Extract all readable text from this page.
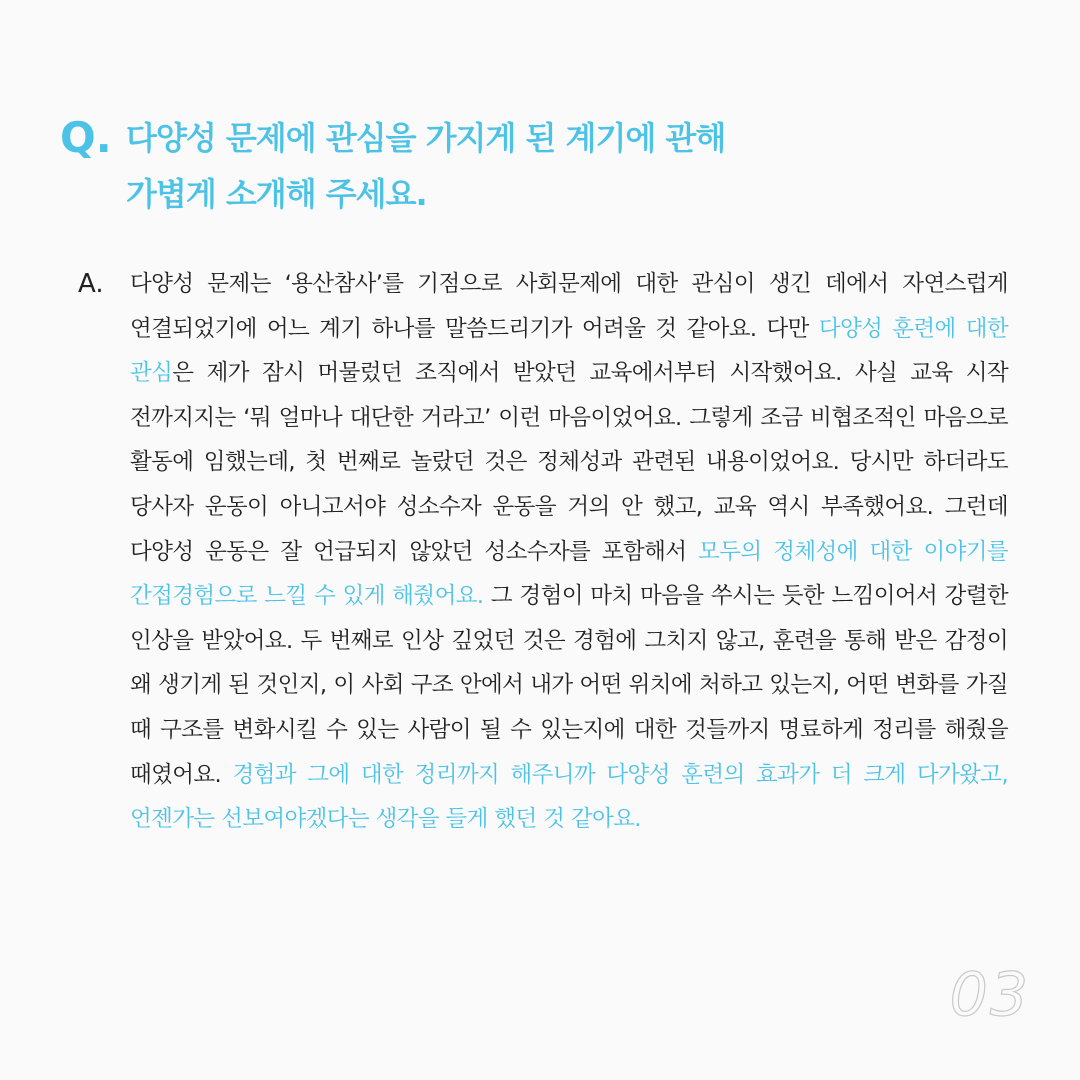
Q. 다양성 문제에 관심을 가지게 된 계기에 관해
가볍게 소개해 주세요.
A. 다양성 문제는 ‘용산참사’를 기점으로 사회문제에 대한 관심이 생긴 데에서 자연스럽게 연결되었기에 어느 계기 하나를 말씀드리기가 어려울 것 같아요. 다만 다양성 훈련에 대한 관심은 제가 잠시 머물렀던 조직에서 받았던 교육에서부터 시작했어요. 사실 교육 시작 전까지지는 ‘뭐 얼마나 대단한 거라고’ 이런 마음이었어요. 그렇게 조금 비협조적인 마음으로 활동에 임했는데, 첫 번째로 놀랐던 것은 정체성과 관련된 내용이었어요. 당시만 하더라도 당사자 운동이 아니고서야 성소수자 운동을 거의 안 했고, 교육 역시 부족했어요. 그런데 다양성 운동은 잘 언급되지 않았던 성소수자를 포함해서 모두의 정체성에 대한 이야기를 간접경험으로 느낄 수 있게 해줬어요. 그 경험이 마치 마음을 쑤시는 듯한 느낌이어서 강렬한 인상을 받았어요. 두 번째로 인상 깊었던 것은 경험에 그치지 않고, 훈련을 통해 받은 감정이 왜 생기게 된 것인지, 이 사회 구조 안에서 내가 어떤 위치에 처하고 있는지, 어떤 변화를 가질 때 구조를 변화시킬 수 있는 사람이 될 수 있는지에 대한 것들까지 명료하게 정리를 해줬을 때였어요. 경험과 그에 대한 정리까지 해주니까 다양성 훈련의 효과가 더 크게 다가왔고, 언젠가는 선보여야겠다는 생각을 들게 했던 것 같아요.
03
